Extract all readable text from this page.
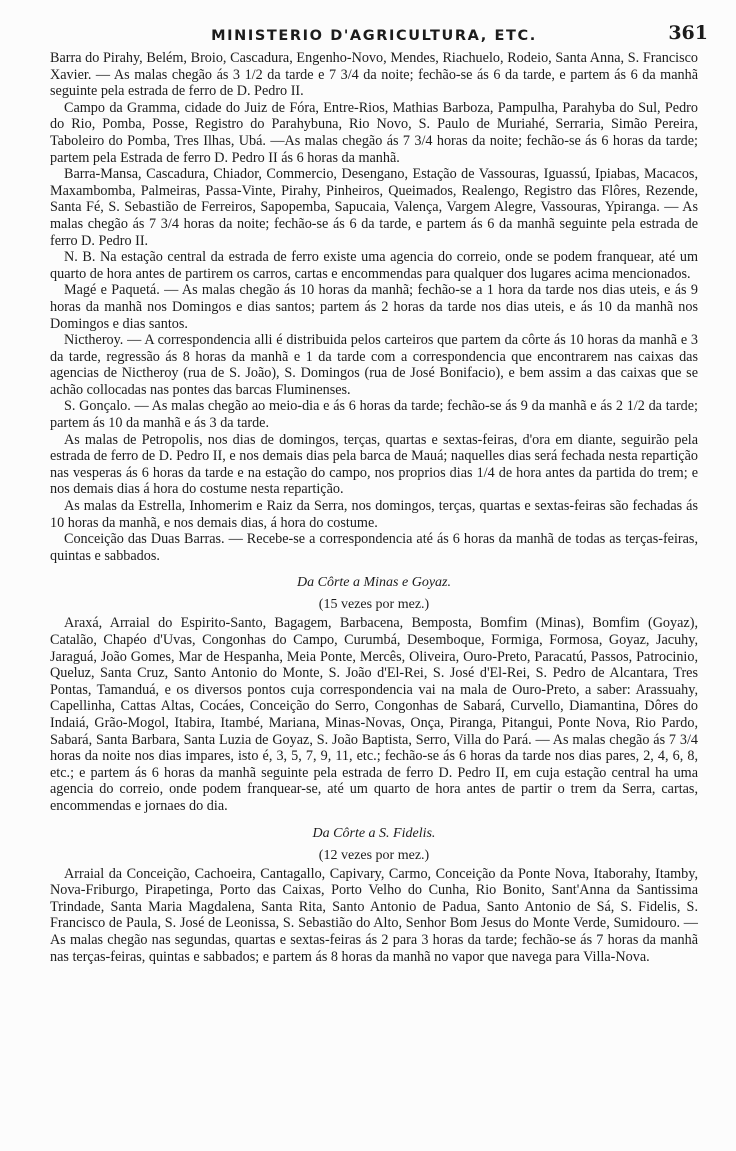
MINISTERIO D'AGRICULTURA, ETC.	361

Barra do Pirahy, Belém, Broio, Cascadura, Engenho-Novo, Mendes, Riachuelo, Rodeio, Santa Anna, S. Francisco Xavier. — As malas chegão ás 3 1/2 da tarde e 7 3/4 da noite; fechão-se ás 6 da tarde, e partem ás 6 da manhã seguinte pela estrada de ferro de D. Pedro II.

Campo da Gramma, cidade do Juiz de Fóra, Entre-Rios, Mathias Barboza, Pampulha, Parahyba do Sul, Pedro do Rio, Pomba, Posse, Registro do Parahybuna, Rio Novo, S. Paulo de Muriahé, Serraria, Simão Pereira, Taboleiro do Pomba, Tres Ilhas, Ubá. —As malas chegão ás 7 3/4 horas da noite; fechão-se ás 6 horas da tarde; partem pela Estrada de ferro D. Pedro II ás 6 horas da manhã.

Barra-Mansa, Cascadura, Chiador, Commercio, Desengano, Estação de Vassouras, Iguassú, Ipiabas, Macacos, Maxambomba, Palmeiras, Passa-Vinte, Pirahy, Pinheiros, Queimados, Realengo, Registro das Flôres, Rezende, Santa Fé, S. Sebastião de Ferreiros, Sapopemba, Sapucaia, Valença, Vargem Alegre, Vassouras, Ypiranga. — As malas chegão ás 7 3/4 horas da noite; fechão-se ás 6 da tarde, e partem ás 6 da manhã seguinte pela estrada de ferro D. Pedro II.

N. B. Na estação central da estrada de ferro existe uma agencia do correio, onde se podem franquear, até um quarto de hora antes de partirem os carros, cartas e encommendas para qualquer dos lugares acima mencionados.

Magé e Paquetá. — As malas chegão ás 10 horas da manhã; fechão-se a 1 hora da tarde nos dias uteis, e ás 9 horas da manhã nos Domingos e dias santos; partem ás 2 horas da tarde nos dias uteis, e ás 10 da manhã nos Domingos e dias santos.

Nictheroy. — A correspondencia alli é distribuida pelos carteiros que partem da côrte ás 10 horas da manhã e 3 da tarde, regressão ás 8 horas da manhã e 1 da tarde com a correspondencia que encontrarem nas caixas das agencias de Nictheroy (rua de S. João), S. Domingos (rua de José Bonifacio), e bem assim a das caixas que se achão collocadas nas pontes das barcas Fluminenses.

S. Gonçalo. — As malas chegão ao meio-dia e ás 6 horas da tarde; fechão-se ás 9 da manhã e ás 2 1/2 da tarde; partem ás 10 da manhã e ás 3 da tarde.

As malas de Petropolis, nos dias de domingos, terças, quartas e sextas-feiras, d'ora em diante, seguirão pela estrada de ferro de D. Pedro II, e nos demais dias pela barca de Mauá; naquelles dias será fechada nesta repartição nas vesperas ás 6 horas da tarde e na estação do campo, nos proprios dias 1/4 de hora antes da partida do trem; e nos demais dias á hora do costume nesta repartição.

As malas da Estrella, Inhomerim e Raiz da Serra, nos domingos, terças, quartas e sextas-feiras são fechadas ás 10 horas da manhã, e nos demais dias, á hora do costume.

Conceição das Duas Barras. — Recebe-se a correspondencia até ás 6 horas da manhã de todas as terças-feiras, quintas e sabbados.

Da Côrte a Minas e Goyaz.
(15 vezes por mez.)

Araxá, Arraial do Espirito-Santo, Bagagem, Barbacena, Bemposta, Bomfim (Minas), Bomfim (Goyaz), Catalão, Chapéo d'Uvas, Congonhas do Campo, Curumbá, Desemboque, Formiga, Formosa, Goyaz, Jacuhy, Jaraguá, João Gomes, Mar de Hespanha, Meia Ponte, Mercês, Oliveira, Ouro-Preto, Paracatú, Passos, Patrocinio, Queluz, Santa Cruz, Santo Antonio do Monte, S. João d'El-Rei, S. José d'El-Rei, S. Pedro de Alcantara, Tres Pontas, Tamanduá, e os diversos pontos cuja correspondencia vai na mala de Ouro-Preto, a saber: Arassuahy, Capellinha, Cattas Altas, Cocáes, Conceição do Serro, Congonhas de Sabará, Curvello, Diamantina, Dôres do Indaiá, Grão-Mogol, Itabira, Itambé, Mariana, Minas-Novas, Onça, Piranga, Pitangui, Ponte Nova, Rio Pardo, Sabará, Santa Barbara, Santa Luzia de Goyaz, S. João Baptista, Serro, Villa do Pará. — As malas chegão ás 7 3/4 horas da noite nos dias impares, isto é, 3, 5, 7, 9, 11, etc.; fechão-se ás 6 horas da tarde nos dias pares, 2, 4, 6, 8, etc.; e partem ás 6 horas da manhã seguinte pela estrada de ferro D. Pedro II, em cuja estação central ha uma agencia do correio, onde podem franquear-se, até um quarto de hora antes de partir o trem da Serra, cartas, encommendas e jornaes do dia.

Da Côrte a S. Fidelis.
(12 vezes por mez.)

Arraial da Conceição, Cachoeira, Cantagallo, Capivary, Carmo, Conceição da Ponte Nova, Itaborahy, Itamby, Nova-Friburgo, Pirapetinga, Porto das Caixas, Porto Velho do Cunha, Rio Bonito, Sant'Anna da Santissima Trindade, Santa Maria Magdalena, Santa Rita, Santo Antonio de Padua, Santo Antonio de Sá, S. Fidelis, S. Francisco de Paula, S. José de Leonissa, S. Sebastião do Alto, Senhor Bom Jesus do Monte Verde, Sumidouro. — As malas chegão nas segundas, quartas e sextas-feiras ás 2 para 3 horas da tarde; fechão-se ás 7 horas da manhã nas terças-feiras, quintas e sabbados; e partem ás 8 horas da manhã no vapor que navega para Villa-Nova.
